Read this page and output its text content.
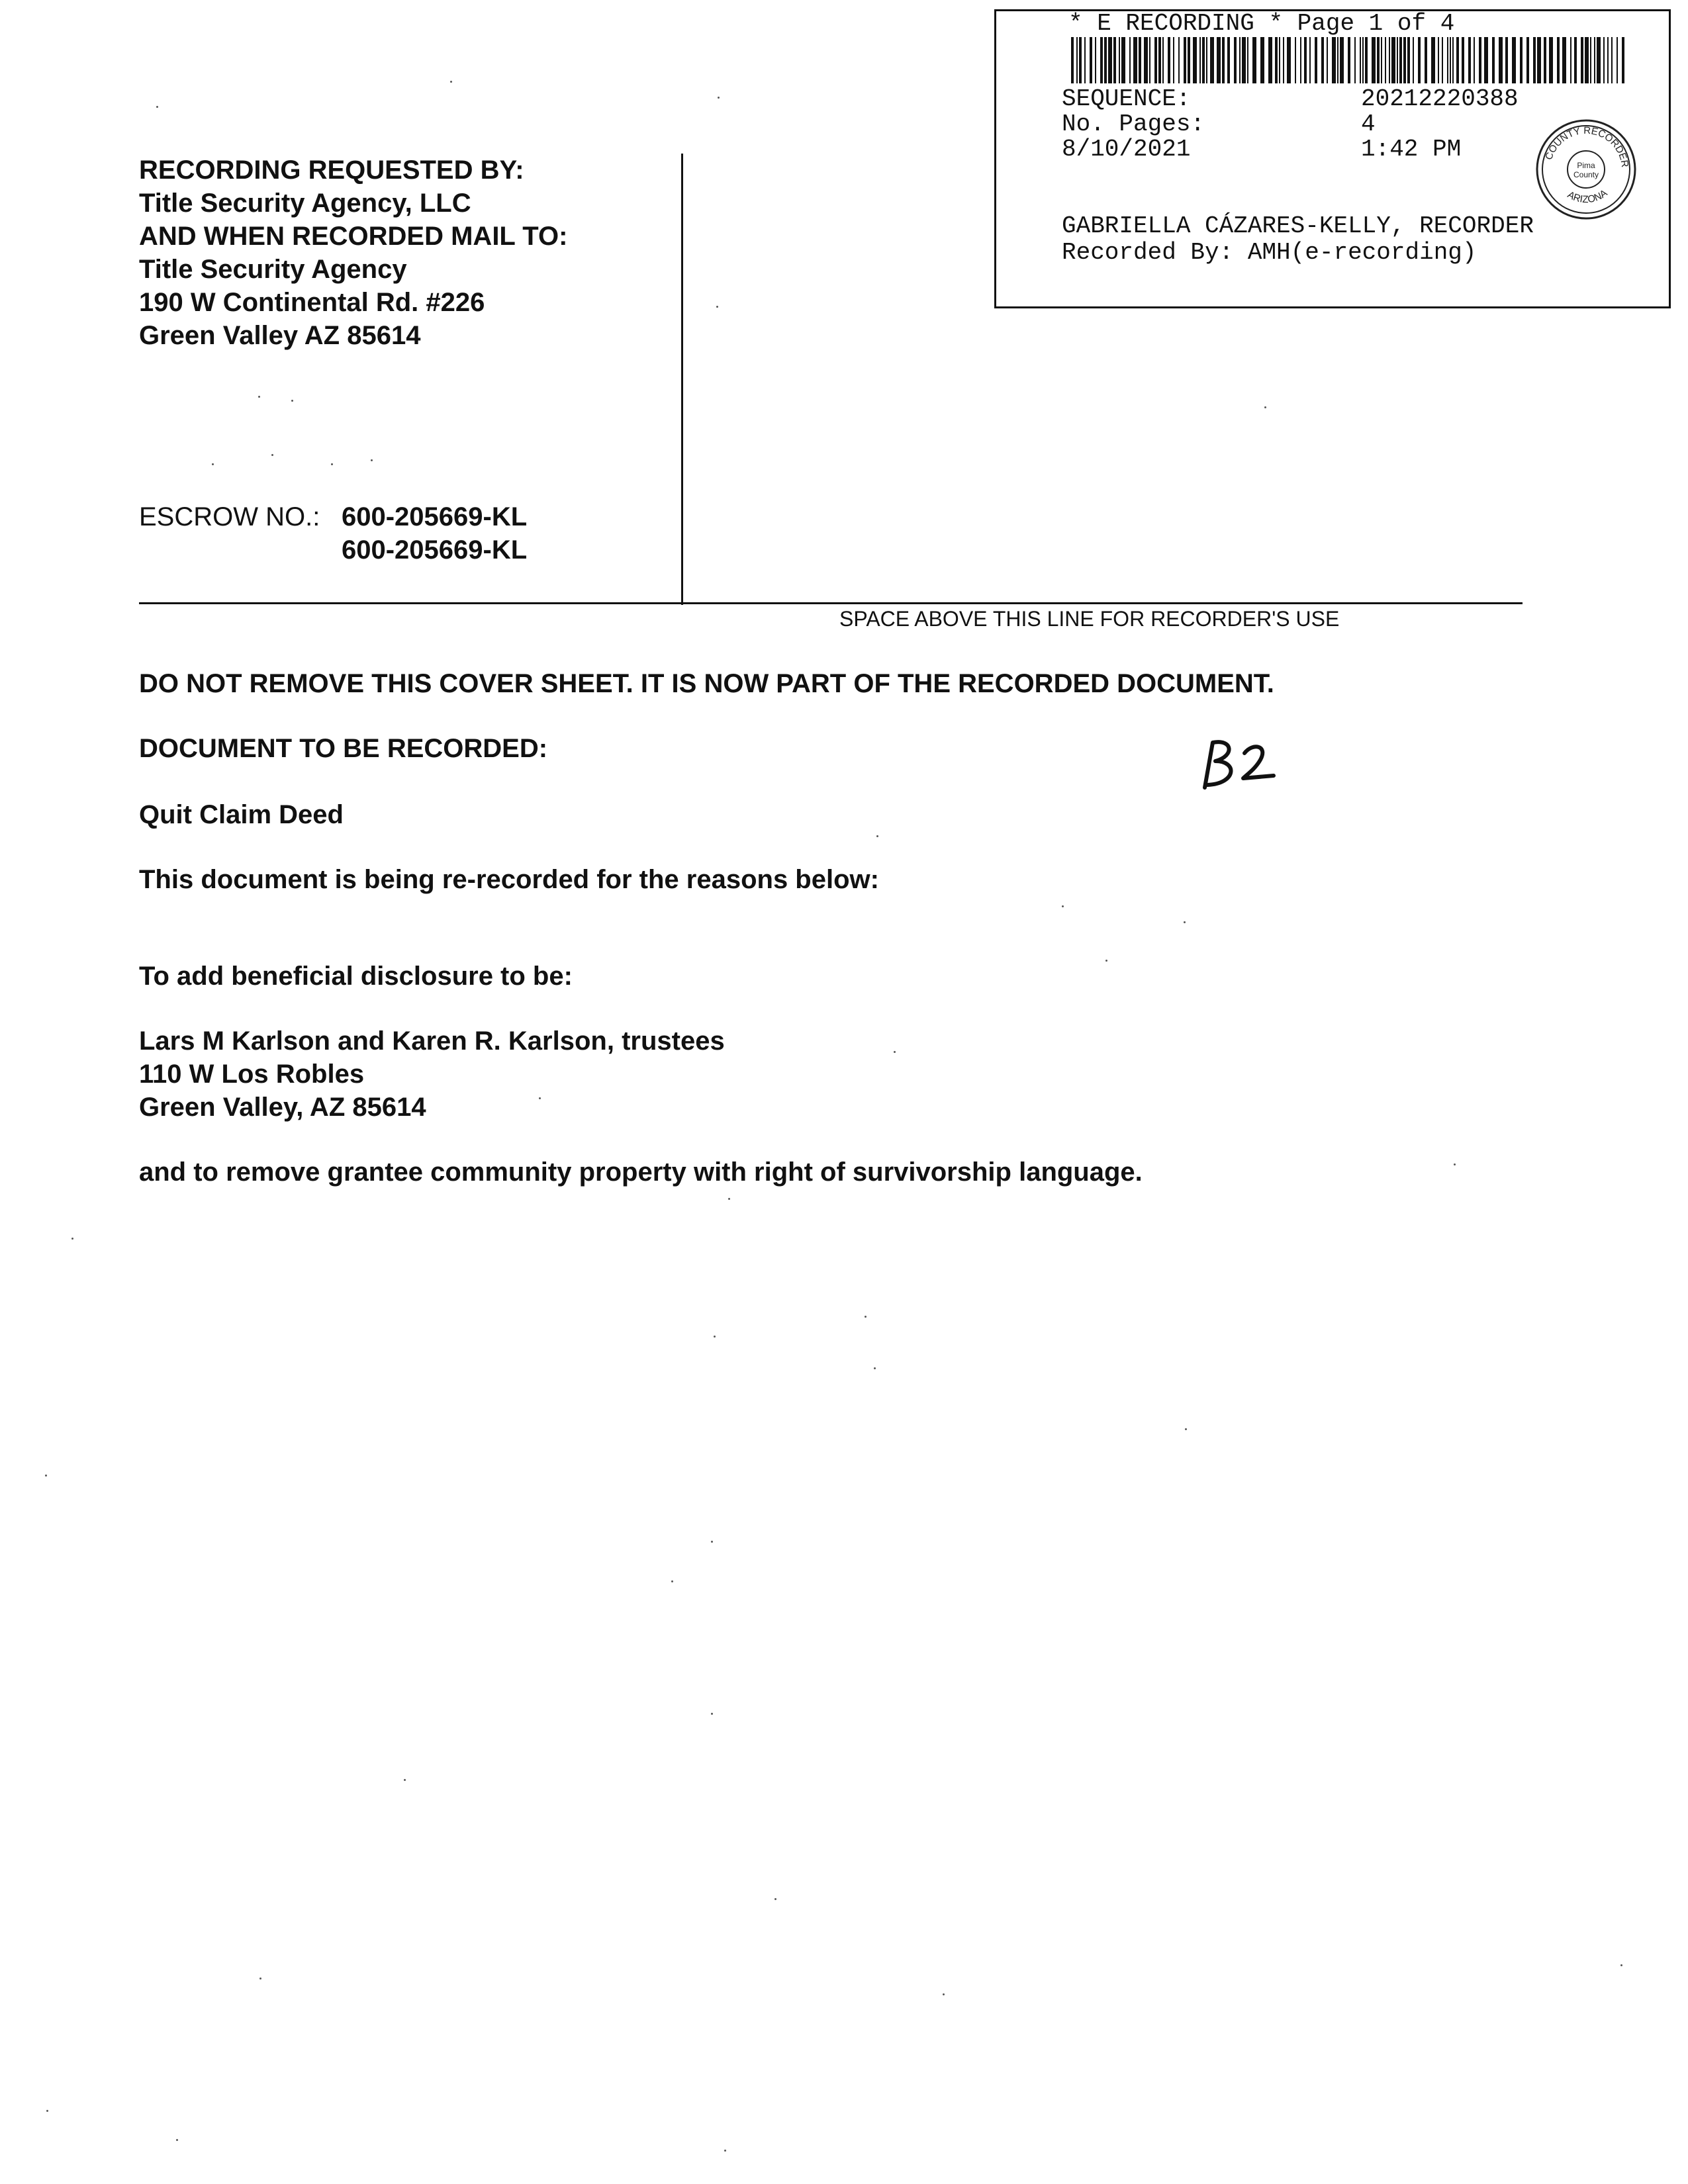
* E RECORDING * Page 1 of 4
SEQUENCE:	20212220388
No. Pages:	4
8/10/2021	1:42 PM
GABRIELLA CÁZARES-KELLY, RECORDER
Recorded By: AMH(e-recording)
COUNTY RECORDER
ARIZONA
Pima
County
RECORDING REQUESTED BY:
Title Security Agency, LLC
AND WHEN RECORDED MAIL TO:
Title Security Agency
190 W Continental Rd. #226
Green Valley AZ 85614
ESCROW NO.: 600-205669-KL
600-205669-KL
SPACE ABOVE THIS LINE FOR RECORDER'S USE
DO NOT REMOVE THIS COVER SHEET. IT IS NOW PART OF THE RECORDED DOCUMENT.
DOCUMENT TO BE RECORDED:
B2
Quit Claim Deed
This document is being re-recorded for the reasons below:
To add beneficial disclosure to be:
Lars M Karlson and Karen R. Karlson, trustees
110 W Los Robles
Green Valley, AZ 85614
and to remove grantee community property with right of survivorship language.
